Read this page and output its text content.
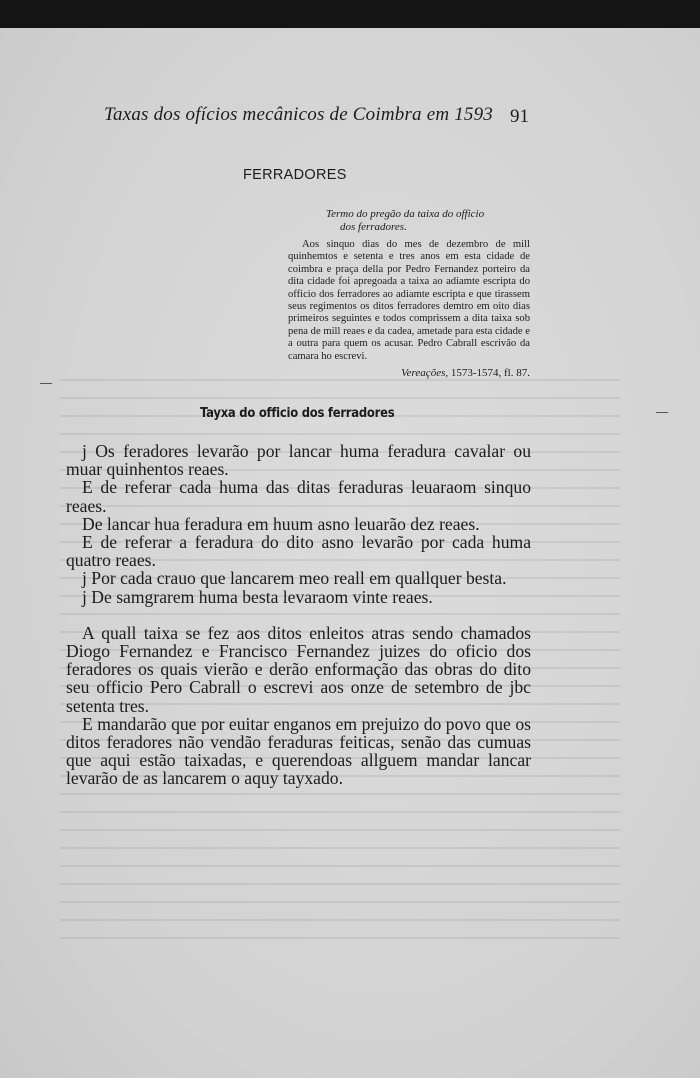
Taxas dos ofícios mecânicos de Coimbra em 1593 91
FERRADORES
Termo do pregão da taixa do officio
dos ferradores.

Aos sinquo dias do mes de dezembro de mill quinhemtos e setenta e tres anos em esta cidade de coimbra e praça della por Pedro Fernandez porteiro da dita cidade foi apregoada a taixa ao adiamte escripta do officio dos ferradores ao adiamte escripta e que tirassem seus regimentos os ditos ferradores demtro em oito dias primeiros seguintes e todos comprissem a dita taixa sob pena de mill reaes e da cadea, ametade para esta cidade e a outra para quem os acusar. Pedro Cabrall escrivão da camara ho escrevi.

Vereações, 1573-1574, fl. 87.
Tayxa do officio dos ferradores

j Os feradores levarão por lancar huma feradura cavalar ou muar quinhentos reaes.

E de referar cada huma das ditas feraduras leuaraom sinquo reaes.

De lancar hua feradura em huum asno leuarão dez reaes.

E de referar a feradura do dito asno levarão por cada huma quatro reaes.

j Por cada crauo que lancarem meo reall em quallquer besta.

j De samgrarem huma besta levaraom vinte reaes.

A quall taixa se fez aos ditos enleitos atras sendo chamados Diogo Fernandez e Francisco Fernandez juizes do oficio dos feradores os quais vierão e derão enformação das obras do dito seu officio Pero Cabrall o escrevi aos onze de setembro de jbc setenta tres.

E mandarão que por euitar enganos em prejuizo do povo que os ditos feradores não vendão feraduras feiticas, senão das cumuas que aqui estão taixadas, e querendoas allguem mandar lancar levarão de as lancarem o aquy tayxado.
